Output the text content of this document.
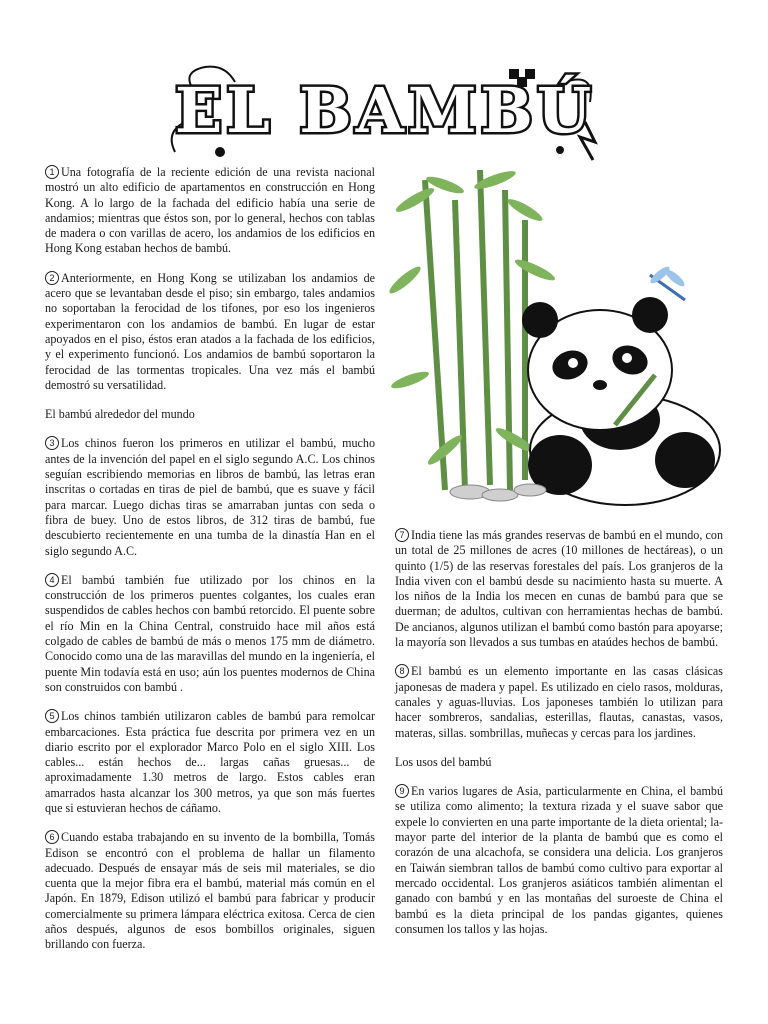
EL BAMBÚ

1 Una fotografía de la reciente edición de una revista nacional mostró un alto edificio de apartamentos en construcción en Hong Kong. A lo largo de la fachada del edificio había una serie de andamios; mientras que éstos son, por lo general, hechos con tablas de madera o con varillas de acero, los andamios de los edificios en Hong Kong estaban hechos de bambú.

2 Anteriormente, en Hong Kong se utilizaban los andamios de acero que se levantaban desde el piso; sin embargo, tales andamios no soportaban la ferocidad de los tifones, por eso los ingenieros experimentaron con los andamios de bambú. En lugar de estar apoyados en el piso, éstos eran atados a la fachada de los edificios, y el experimento funcionó. Los andamios de bambú soportaron la ferocidad de las tormentas tropicales. Una vez más el bambú demostró su versatilidad.

El bambú alrededor del mundo

3 Los chinos fueron los primeros en utilizar el bambú, mucho antes de la invención del papel en el siglo segundo A.C. Los chinos seguían escribiendo memorias en libros de bambú, las letras eran inscritas o cortadas en tiras de piel de bambú, que es suave y fácil para marcar. Luego dichas tiras se amarraban juntas con seda o fibra de buey. Uno de estos libros, de 312 tiras de bambú, fue descubierto recientemente en una tumba de la dinastía Han en el siglo segundo A.C.

4 El bambú también fue utilizado por los chinos en la construcción de los primeros puentes colgantes, los cuales eran suspendidos de cables hechos con bambú retorcido. El puente sobre el río Min en la China Central, construido hace mil años está colgado de cables de bambú de más o menos 175 mm de diámetro. Conocido como una de las maravillas del mundo en la ingeniería, el puente Min todavía está en uso; aún los puentes modernos de China son construidos con bambú .

5 Los chinos también utilizaron cables de bambú para remolcar embarcaciones. Esta práctica fue descrita por primera vez en un diario escrito por el explorador Marco Polo en el siglo XIII. Los cables... están hechos de... largas cañas gruesas... de aproximadamente 1.30 metros de largo. Estos cables eran amarrados hasta alcanzar los 300 metros, ya que son más fuertes que si estuvieran hechos de cáñamo.

6 Cuando estaba trabajando en su invento de la bombilla, Tomás Edison se encontró con el problema de hallar un filamento adecuado. Después de ensayar más de seis mil materiales, se dio cuenta que la mejor fibra era el bambú, material más común en el Japón. En 1879, Edison utilizó el bambú para fabricar y producir comercialmente su primera lámpara eléctrica exitosa. Cerca de cien años después, algunos de esos bombillos originales, siguen brillando con fuerza.

7 India tiene las más grandes reservas de bambú en el mundo, con un total de 25 millones de acres (10 millones de hectáreas), o un quinto (1/5) de las reservas forestales del país. Los granjeros de la India viven con el bambú desde su nacimiento hasta su muerte. A los niños de la India los mecen en cunas de bambú para que se duerman; de adultos, cultivan con herramientas hechas de bambú. De ancianos, algunos utilizan el bambú como bastón para apoyarse; la mayoría son llevados a sus tumbas en ataúdes hechos de bambú.

8 El bambú es un elemento importante en las casas clásicas japonesas de madera y papel. Es utilizado en cielo rasos, molduras, canales y aguas-lluvias. Los japoneses también lo utilizan para hacer sombreros, sandalias, esterillas, flautas, canastas, vasos, materas, sillas. sombrillas, muñecas y cercas para los jardines.

Los usos del bambú

9 En varios lugares de Asia, particularmente en China, el bambú se utiliza como alimento; la textura rizada y el suave sabor que expele lo convierten en una parte importante de la dieta oriental; la- mayor parte del interior de la planta de bambú que es como el corazón de una alcachofa, se considera una delicia. Los granjeros en Taiwán siembran tallos de bambú como cultivo para exportar al mercado occidental. Los granjeros asiáticos también alimentan el ganado con bambú y en las montañas del suroeste de China el bambú es la dieta principal de los pandas gigantes, quienes consumen los tallos y las hojas.
